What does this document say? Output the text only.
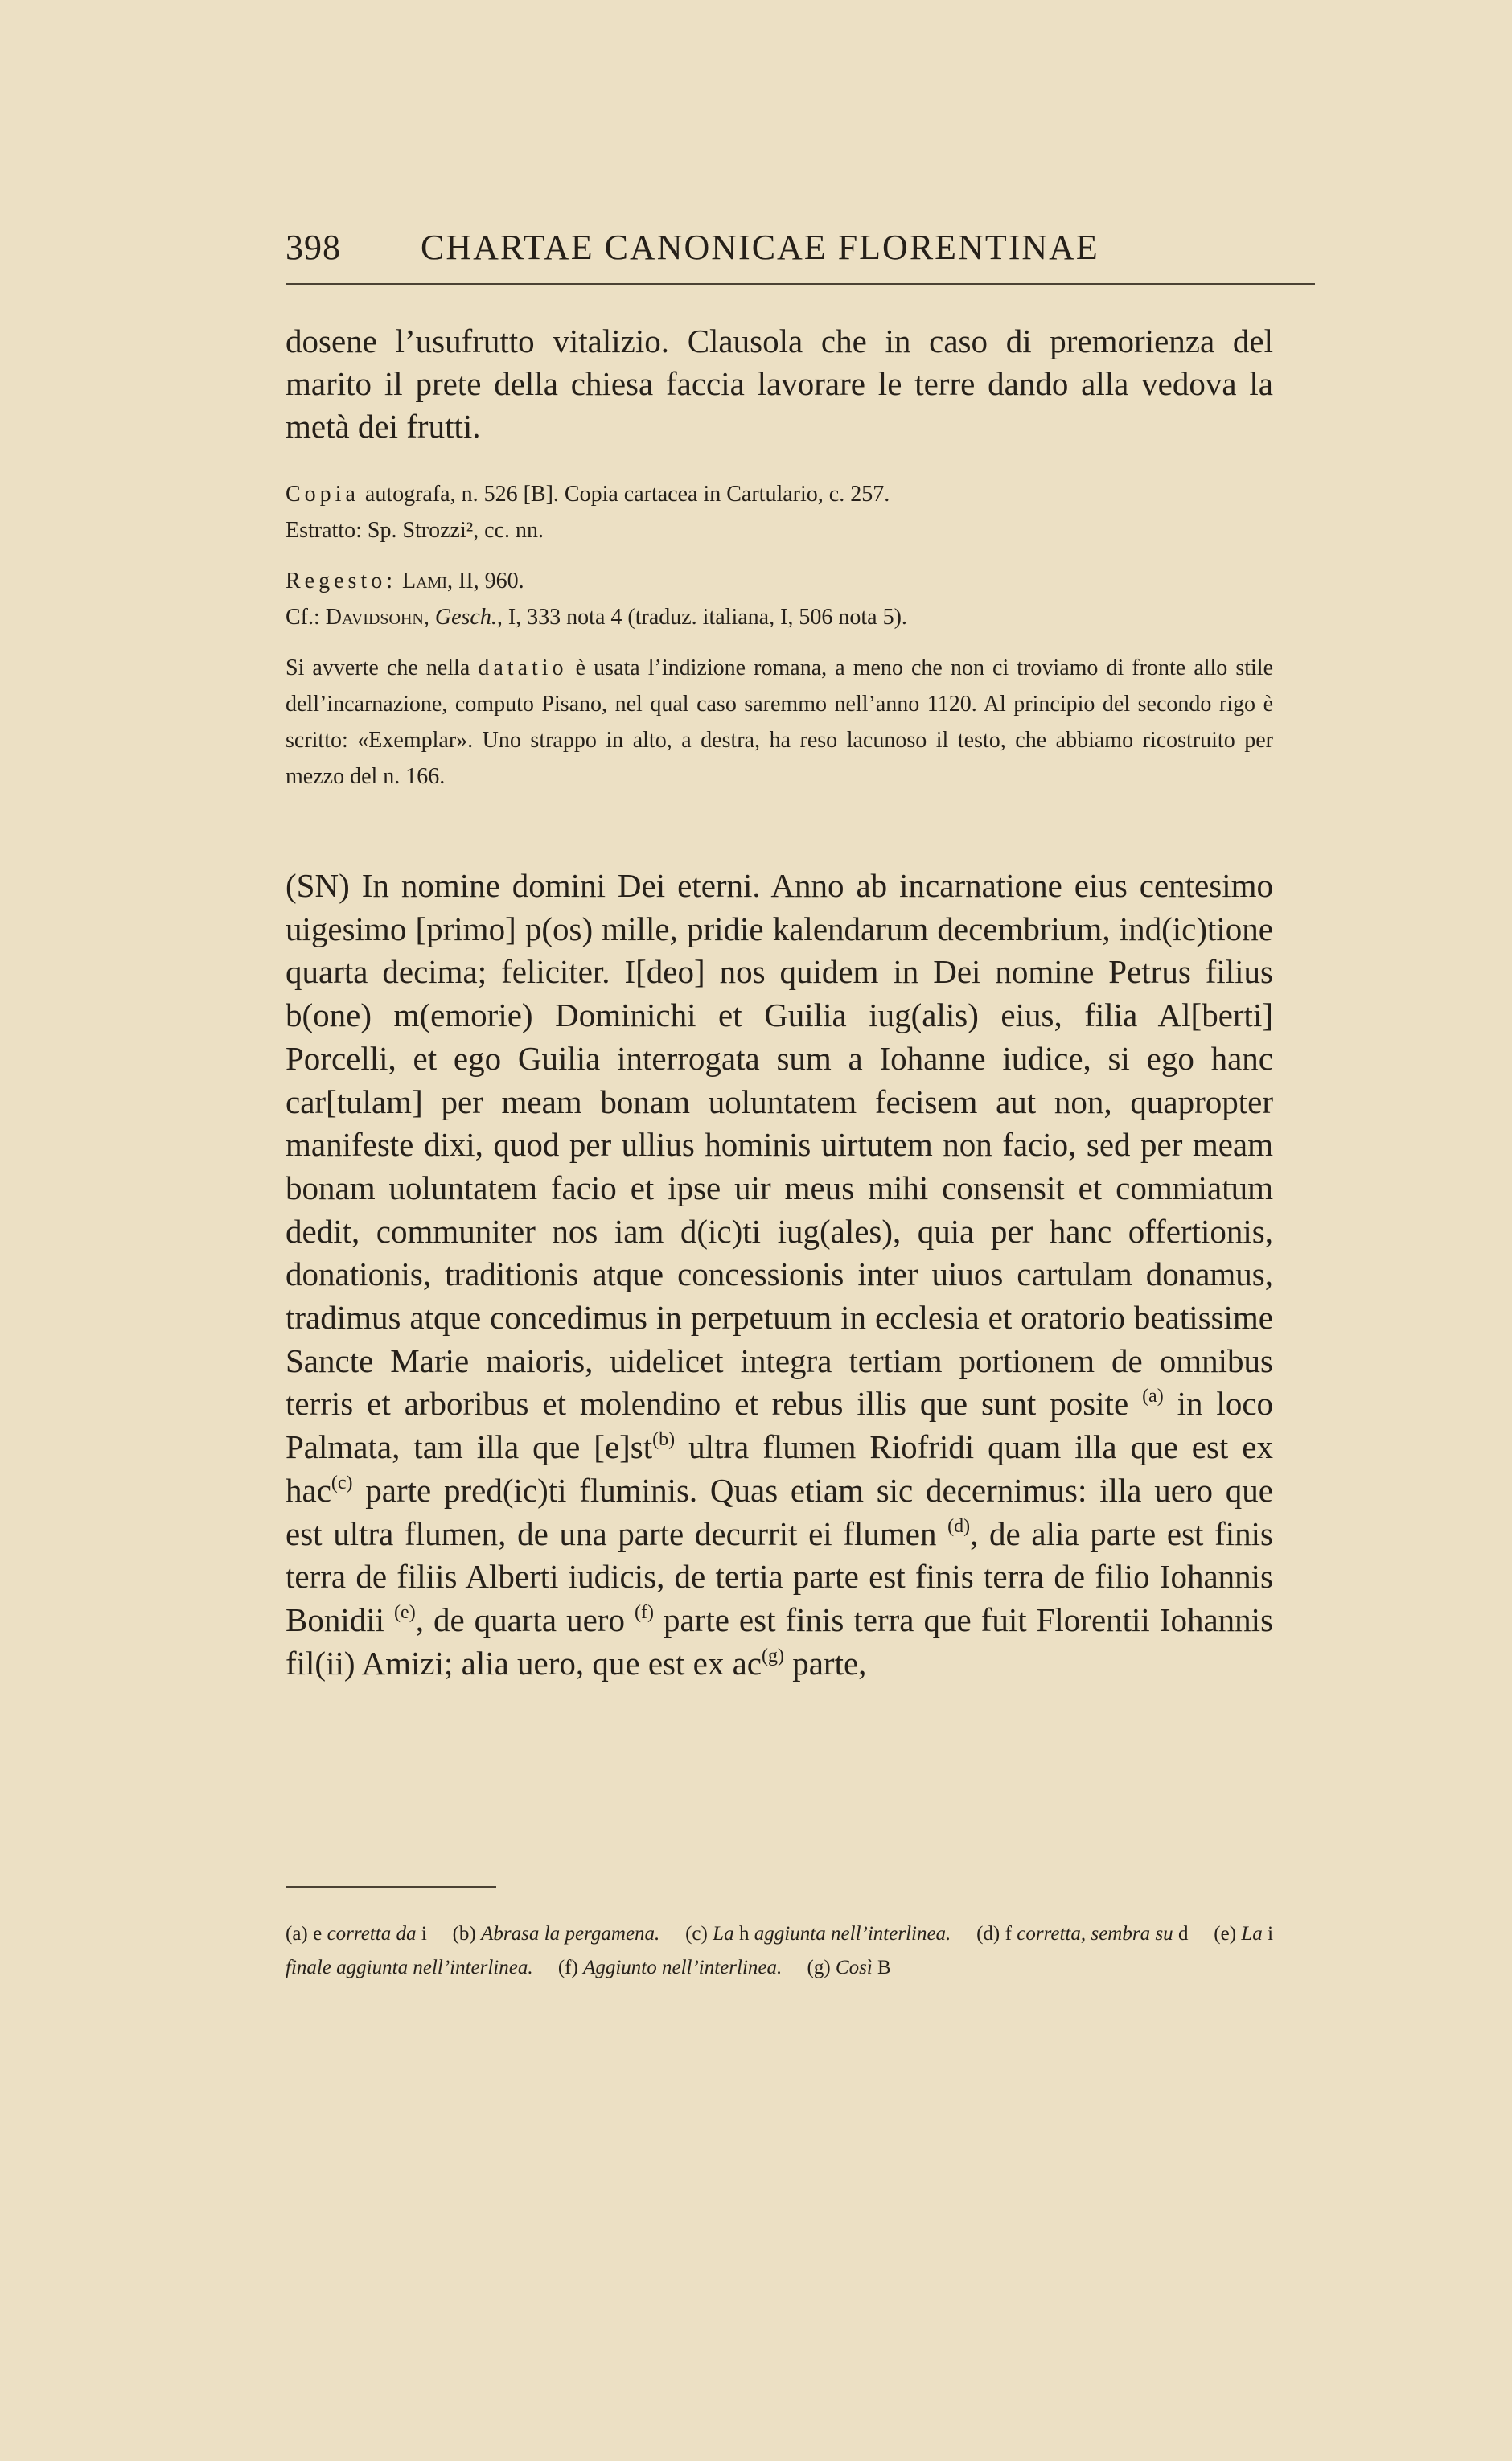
398 CHARTAE CANONICAE FLORENTINAE
dosene l’usufrutto vitalizio. Clausola che in caso di premorienza del marito il prete della chiesa faccia lavorare le terre dando alla vedova la metà dei frutti.

Copia autografa, n. 526 [B]. Copia cartacea in Cartulario, c. 257.
Estratto: Sp. Strozzi², cc. nn.

Regesto: Lami, II, 960.
Cf.: Davidsohn, Gesch., I, 333 nota 4 (traduz. italiana, I, 506 nota 5).

Si avverte che nella datatio è usata l’indizione romana, a meno che non ci troviamo di fronte allo stile dell’incarnazione, computo Pisano, nel qual caso saremmo nell’anno 1120. Al principio del secondo rigo è scritto: «Exemplar». Uno strappo in alto, a destra, ha reso lacunoso il testo, che abbiamo ricostruito per mezzo del n. 166.

(SN) In nomine domini Dei eterni. Anno ab incarnatione eius centesimo uigesimo [primo] p(os) mille, pridie kalendarum decembrium, ind(ic)tione quarta decima; feliciter. I[deo] nos quidem in Dei nomine Petrus filius b(one) m(emorie) Dominichi et Guilia iug(alis) eius, filia Al[berti] Porcelli, et ego Guilia interrogata sum a Iohanne iudice, si ego hanc car[tulam] per meam bonam uoluntatem fecisem aut non, quapropter manifeste dixi, quod per ullius hominis uirtutem non facio, sed per meam bonam uoluntatem facio et ipse uir meus mihi consensit et commiatum dedit, communiter nos iam d(ic)ti iug(ales), quia per hanc offertionis, donationis, traditionis atque concessionis inter uiuos cartulam donamus, tradimus atque concedimus in perpetuum in ecclesia et oratorio beatissime Sancte Marie maioris, uidelicet integra tertiam portionem de omnibus terris et arboribus et molendino et rebus illis que sunt posite $^{(a)}$ in loco Palmata, tam illa que [e]st$^{(b)}$ ultra flumen Riofridi quam illa que est ex hac$^{(c)}$ parte pred(ic)ti fluminis. Quas etiam sic decernimus: illa uero que est ultra flumen, de una parte decurrit ei flumen $^{(d)}$, de alia parte est finis terra de filiis Alberti iudicis, de tertia parte est finis terra de filio Iohannis Bonidii $^{(e)}$, de quarta uero $^{(f)}$ parte est finis terra que fuit Florentii Iohannis fil(ii) Amizi; alia uero, que est ex ac$^{(g)}$ parte,
(a) e corretta da i (b) Abrasa la pergamena. (c) La h aggiunta nell’interlinea. (d) f corretta, sembra su d (e) La i finale aggiunta nell’interlinea. (f) Aggiunto nell’interlinea. (g) Così B
